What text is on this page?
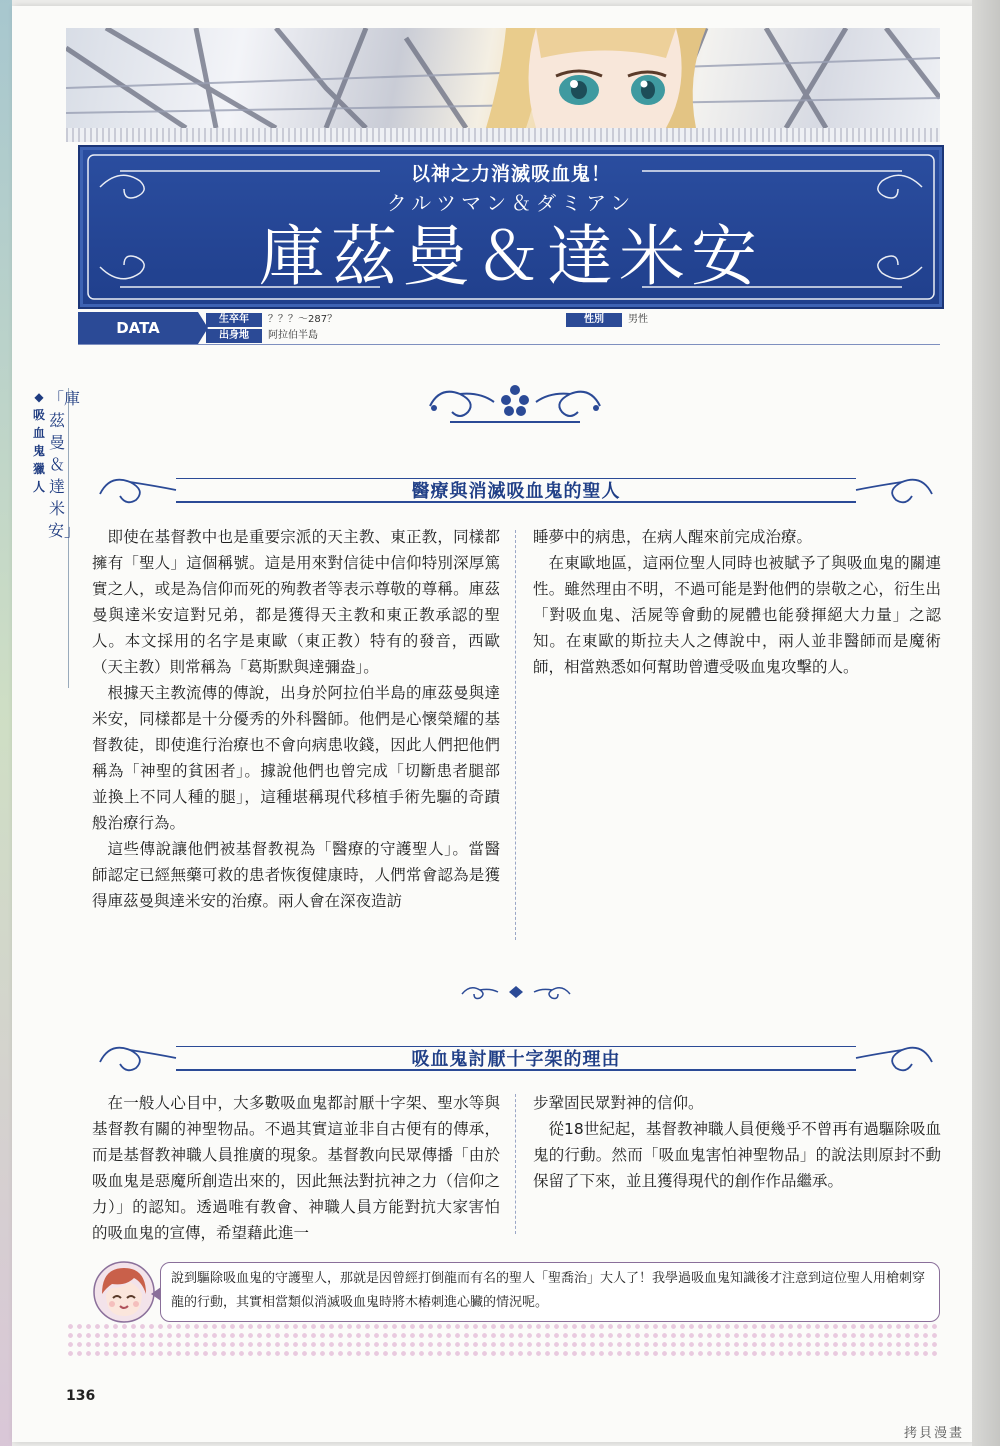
以神之力消滅吸血鬼！
クルツマン＆ダミアン
庫茲曼＆達米安
DATA	生卒年	？？？～287？
出身地	阿拉伯半島
性別	男性
◆吸血鬼獵人「庫茲曼＆達米安」
醫療與消滅吸血鬼的聖人

即使在基督教中也是重要宗派的天主教、東正教，同樣都擁有「聖人」這個稱號。這是用來對信徒中信仰特別深厚篤實之人，或是為信仰而死的殉教者等表示尊敬的尊稱。庫茲曼與達米安這對兄弟，都是獲得天主教和東正教承認的聖人。本文採用的名字是東歐（東正教）特有的發音，西歐（天主教）則常稱為「葛斯默與達彌盎」。

根據天主教流傳的傳說，出身於阿拉伯半島的庫茲曼與達米安，同樣都是十分優秀的外科醫師。他們是心懷榮耀的基督教徒，即使進行治療也不會向病患收錢，因此人們把他們稱為「神聖的貧困者」。據說他們也曾完成「切斷患者腿部並換上不同人種的腿」，這種堪稱現代移植手術先驅的奇蹟般治療行為。

這些傳說讓他們被基督教視為「醫療的守護聖人」。當醫師認定已經無藥可救的患者恢復健康時，人們常會認為是獲得庫茲曼與達米安的治療。兩人會在深夜造訪

睡夢中的病患，在病人醒來前完成治療。

在東歐地區，這兩位聖人同時也被賦予了與吸血鬼的關連性。雖然理由不明，不過可能是對他們的崇敬之心，衍生出「對吸血鬼、活屍等會動的屍體也能發揮絕大力量」之認知。在東歐的斯拉夫人之傳說中，兩人並非醫師而是魔術師，相當熟悉如何幫助曾遭受吸血鬼攻擊的人。

吸血鬼討厭十字架的理由

在一般人心目中，大多數吸血鬼都討厭十字架、聖水等與基督教有關的神聖物品。不過其實這並非自古便有的傳承，而是基督教神職人員推廣的現象。基督教向民眾傳播「由於吸血鬼是惡魔所創造出來的，因此無法對抗神之力（信仰之力）」的認知。透過唯有教會、神職人員方能對抗大家害怕的吸血鬼的宣傳，希望藉此進一

步鞏固民眾對神的信仰。

從18世紀起，基督教神職人員便幾乎不曾再有過驅除吸血鬼的行動。然而「吸血鬼害怕神聖物品」的說法則原封不動保留了下來，並且獲得現代的創作作品繼承。

說到驅除吸血鬼的守護聖人，那就是因曾經打倒龍而有名的聖人「聖喬治」大人了！我學過吸血鬼知識後才注意到這位聖人用槍刺穿龍的行動，其實相當類似消滅吸血鬼時將木樁刺進心臟的情況呢。
136
拷貝漫畫
